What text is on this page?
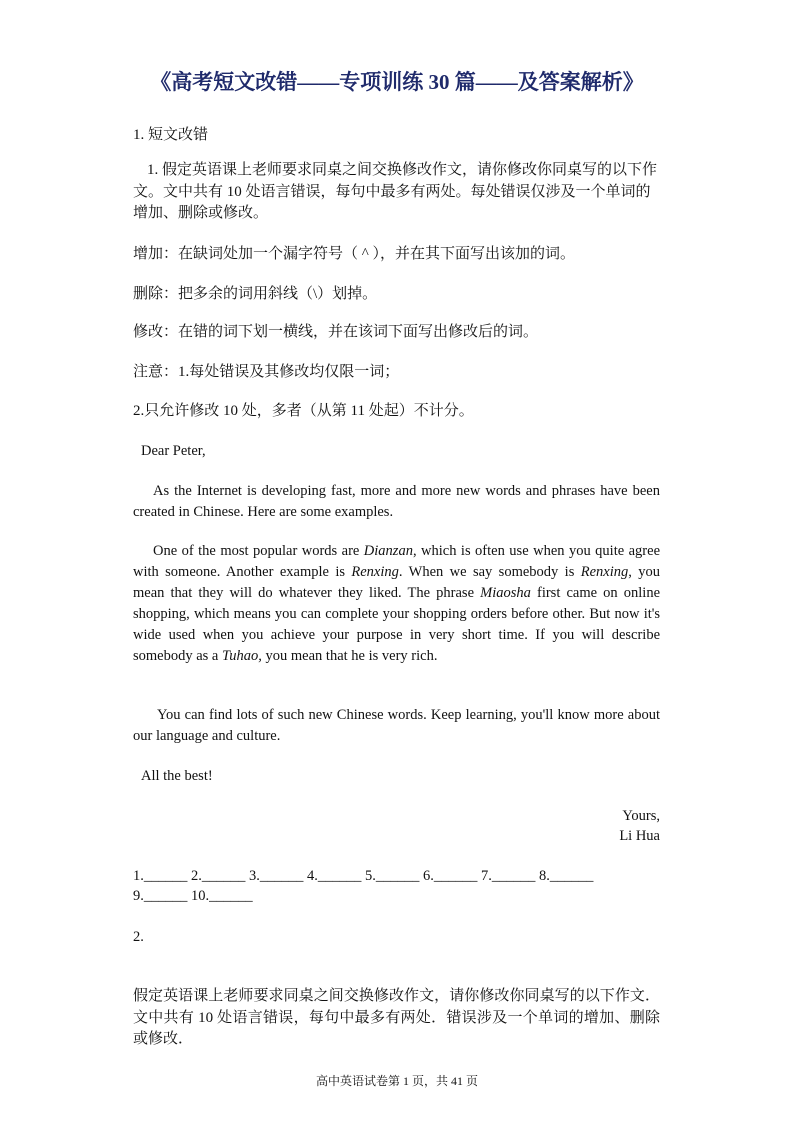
《高考短文改错——专项训练 30 篇——及答案解析》
1. 短文改错

1. 假定英语课上老师要求同桌之间交换修改作文，请你修改你同桌写的以下作文。文中共有 10 处语言错误，每句中最多有两处。每处错误仅涉及一个单词的增加、删除或修改。

增加：在缺词处加一个漏字符号（ ^ ），并在其下面写出该加的词。
删除：把多余的词用斜线（\）划掉。
修改：在错的词下划一横线，并在该词下面写出修改后的词。
注意：1.每处错误及其修改均仅限一词；
2.只允许修改 10 处，多者（从第 11 处起）不计分。
Dear Peter,

As the Internet is developing fast, more and more new words and phrases have been created in Chinese. Here are some examples.

One of the most popular words are Dianzan, which is often use when you quite agree with someone. Another example is Renxing. When we say somebody is Renxing, you mean that they will do whatever they liked. The phrase Miaosha first came on online shopping, which means you can complete your shopping orders before other. But now it's wide used when you achieve your purpose in very short time. If you will describe somebody as a Tuhao, you mean that he is very rich.

You can find lots of such new Chinese words. Keep learning, you'll know more about our language and culture.

All the best!
Yours,
Li Hua
1.______ 2.______ 3.______ 4.______ 5.______ 6.______ 7.______ 8.______
9.______ 10.______
2.

假定英语课上老师要求同桌之间交换修改作文，请你修改你同桌写的以下作文．文中共有 10 处语言错误，每句中最多有两处．错误涉及一个单词的增加、删除或修改．

高中英语试卷第 1 页，共 41 页
